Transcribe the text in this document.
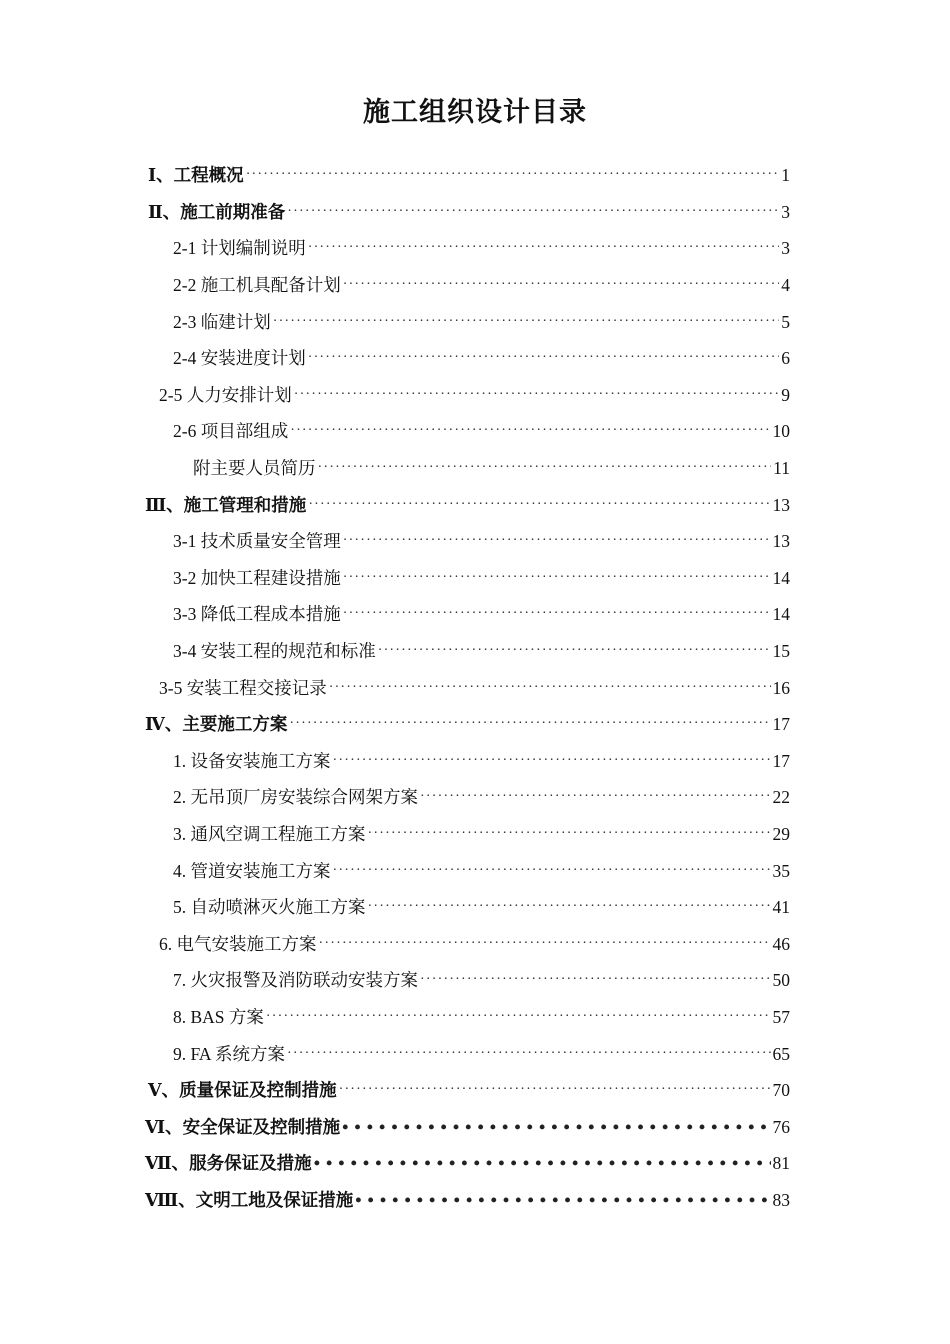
施工组织设计目录
Ⅰ、工程概况 ·····	1
Ⅱ、施工前期准备 ·····	3
2-1 计划编制说明 ·····	3
2-2 施工机具配备计划 ·····	4
2-3 临建计划 ·····	5
2-4 安装进度计划 ·····	6
2-5 人力安排计划 ·····	9
2-6 项目部组成 ·····	10
附主要人员简历 ·····	11
Ⅲ、施工管理和措施 ·····	13
3-1 技术质量安全管理 ·····	13
3-2 加快工程建设措施 ·····	14
3-3 降低工程成本措施 ·····	14
3-4 安装工程的规范和标准 ·····	15
3-5 安装工程交接记录 ·····	16
Ⅳ、主要施工方案 ·····	17
1. 设备安装施工方案 ·····	17
2. 无吊顶厂房安装综合网架方案 ·····	22
3. 通风空调工程施工方案 ·····	29
4. 管道安装施工方案 ·····	35
5. 自动喷淋灭火施工方案 ·····	41
6. 电气安装施工方案 ·····	46
7. 火灾报警及消防联动安装方案 ·····	50
8. BAS 方案 ·····	57
9. FA 系统方案 ·····	65
Ⅴ、质量保证及控制措施 ·····	70
Ⅵ、安全保证及控制措施 •••••	76
Ⅶ、服务保证及措施 •••••	81
Ⅷ、文明工地及保证措施 •••••	83
